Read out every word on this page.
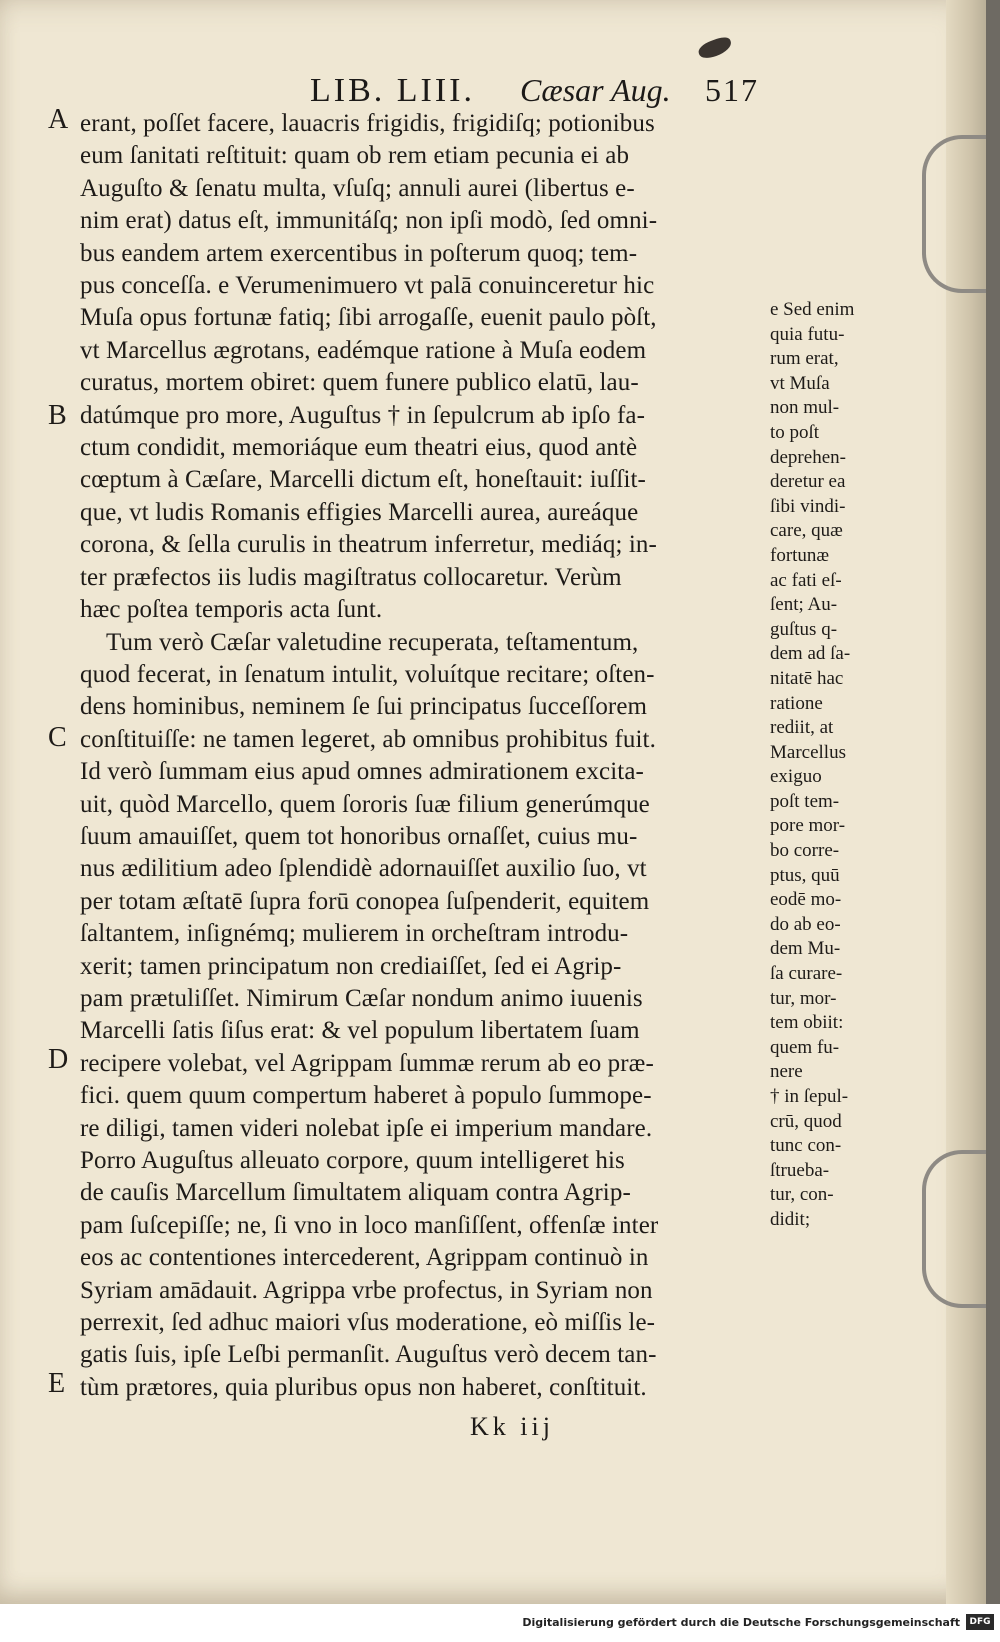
LIB. LIII. Cæsar Aug. 517
A
B
C
D
E
erant, poſſet facere, lauacris frigidis, frigidiſq; potionibus
eum ſanitati reſtituit: quam ob rem etiam pecunia ei ab
Auguſto & ſenatu multa, vſuſq; annuli aurei (libertus e-
nim erat) datus eſt, immunitáſq; non ipſi modò, ſed omni-
bus eandem artem exercentibus in poſterum quoq; tem-
pus conceſſa. e Verumenimuero vt palā conuinceretur hic
Muſa opus fortunæ fatiq; ſibi arrogaſſe, euenit paulo pòſt,
vt Marcellus ægrotans, eadémque ratione à Muſa eodem
curatus, mortem obiret: quem funere publico elatū, lau-
datúmque pro more, Auguſtus † in ſepulcrum ab ipſo fa-
ctum condidit, memoriáque eum theatri eius, quod antè
cœptum à Cæſare, Marcelli dictum eſt, honeſtauit: iuſſit-
que, vt ludis Romanis effigies Marcelli aurea, aureáque
corona, & ſella curulis in theatrum inferretur, mediáq; in-
ter præfectos iis ludis magiſtratus collocaretur. Verùm
hæc poſtea temporis acta ſunt.
Tum verò Cæſar valetudine recuperata, teſtamentum,
quod fecerat, in ſenatum intulit, voluítque recitare; oſten-
dens hominibus, neminem ſe ſui principatus ſucceſſorem
conſtituiſſe: ne tamen legeret, ab omnibus prohibitus fuit.
Id verò ſummam eius apud omnes admirationem excita-
uit, quòd Marcello, quem ſororis ſuæ filium generúmque
ſuum amauiſſet, quem tot honoribus ornaſſet, cuius mu-
nus ædilitium adeo ſplendidè adornauiſſet auxilio ſuo, vt
per totam æſtatē ſupra forū conopea ſuſpenderit, equitem
ſaltantem, inſignémq; mulierem in orcheſtram introdu-
xerit; tamen principatum non crediaiſſet, ſed ei Agrip-
pam prætuliſſet. Nimirum Cæſar nondum animo iuuenis
Marcelli ſatis ſiſus erat: & vel populum libertatem ſuam
recipere volebat, vel Agrippam ſummæ rerum ab eo præ-
fici. quem quum compertum haberet à populo ſummope-
re diligi, tamen videri nolebat ipſe ei imperium mandare.
Porro Auguſtus alleuato corpore, quum intelligeret his
de cauſis Marcellum ſimultatem aliquam contra Agrip-
pam ſuſcepiſſe; ne, ſi vno in loco manſiſſent, offenſæ inter
eos ac contentiones intercederent, Agrippam continuò in
Syriam amādauit. Agrippa vrbe profectus, in Syriam non
perrexit, ſed adhuc maiori vſus moderatione, eò miſſis le-
gatis ſuis, ipſe Leſbi permanſit. Auguſtus verò decem tan-
tùm prætores, quia pluribus opus non haberet, conſtituit.
e Sed enim
quia futu-
rum erat,
vt Muſa
non mul-
to poſt
deprehen-
deretur ea
ſibi vindi-
care, quæ
fortunæ
ac fati eſ-
ſent; Au-
guſtus q-
dem ad ſa-
nitatē hac
ratione
rediit, at
Marcellus
exiguo
poſt tem-
pore mor-
bo corre-
ptus, quū
eodē mo-
do ab eo-
dem Mu-
ſa curare-
tur, mor-
tem obiit:
quem fu-
nere
† in ſepul-
crū, quod
tunc con-
ſtrueba-
tur, con-
didit;
Kk iij
Digitalisierung gefördert durch die Deutsche Forschungsgemeinschaft	DFG
